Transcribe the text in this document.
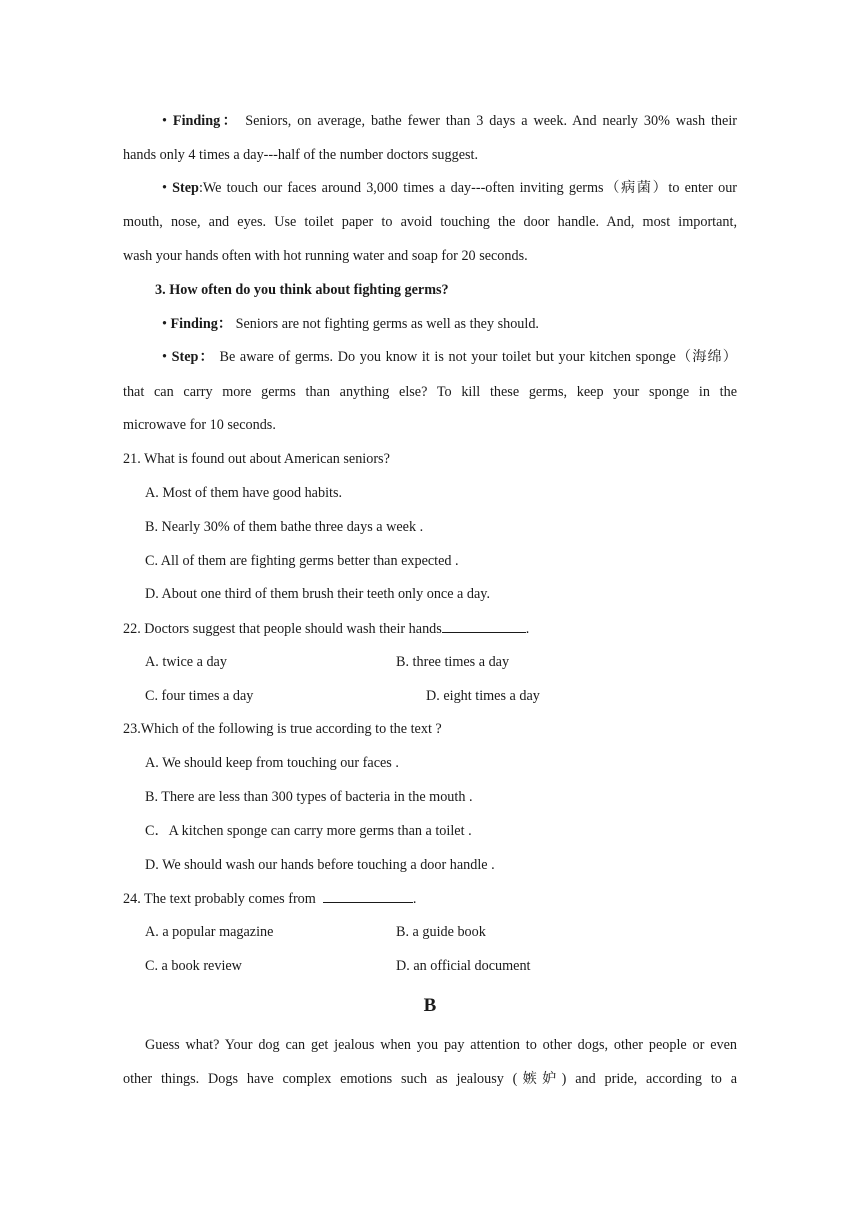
• Finding： Seniors, on average, bathe fewer than 3 days a week. And nearly 30% wash their
hands only 4 times a day---half of the number doctors suggest.
• Step:We touch our faces around 3,000 times a day---often inviting germs（病菌）to enter our
mouth, nose, and eyes. Use toilet paper to avoid touching the door handle. And, most important,
wash your hands often with hot running water and soap for 20 seconds.
3. How often do you think about fighting germs?
• Finding： Seniors are not fighting germs as well as they should.
• Step： Be aware of germs. Do you know it is not your toilet but your kitchen sponge（海绵）
that can carry more germs than anything else? To kill these germs, keep your sponge in the
microwave for 10 seconds.
21. What is found out about American seniors?
A. Most of them have good habits.
B. Nearly 30% of them bathe three days a week .
C. All of them are fighting germs better than expected .
D. About one third of them brush their teeth only once a day.
22. Doctors suggest that people should wash their hands	.
A. twice a day	B. three times a day
C. four times a day	D. eight times a day
23.Which of the following is true according to the text ?
A. We should keep from touching our faces .
B. There are less than 300 types of bacteria in the mouth .
C．A kitchen sponge can carry more germs than a toilet .
D. We should wash our hands before touching a door handle .
24. The text probably comes from	.
A. a popular magazine	B. a guide book
C. a book review	D. an official document
B
Guess what? Your dog can get jealous when you pay attention to other dogs, other people or even
other things. Dogs have complex emotions such as jealousy (嫉妒) and pride, according to a
